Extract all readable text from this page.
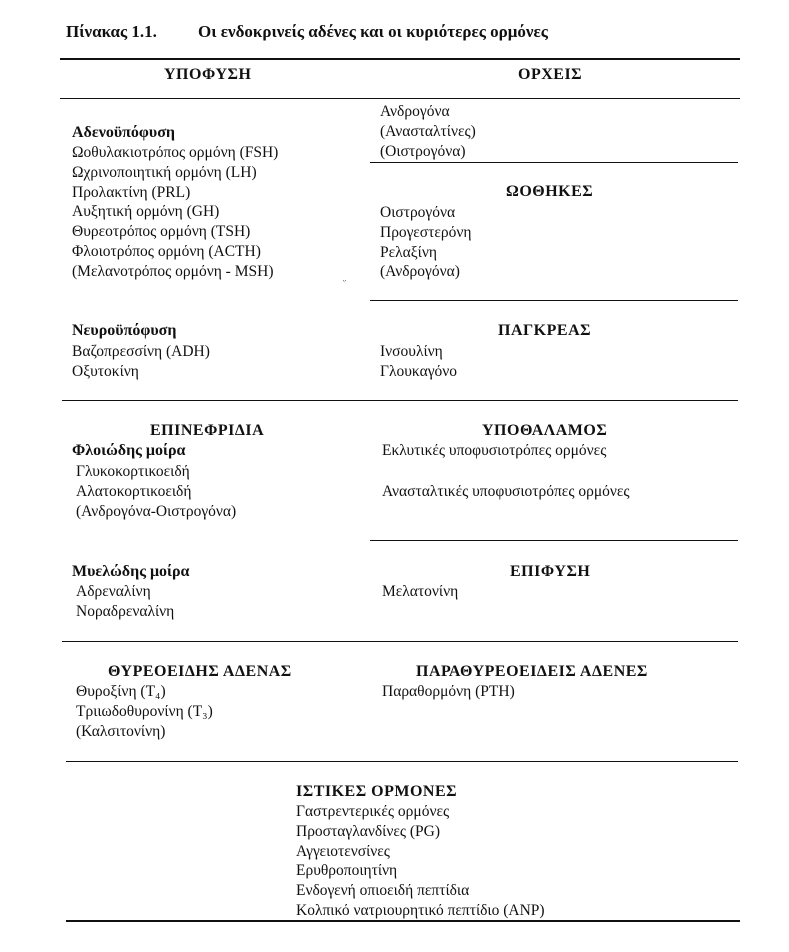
Πίνακας 1.1. Οι ενδοκρινείς αδένες και οι κυριότερες ορμόνες
ΥΠΟΦΥΣΗ
Αδενοϋπόφυση
Ωοθυλακιοτρόπος ορμόνη (FSH)
Ωχρινοποιητική ορμόνη (LH)
Προλακτίνη (PRL)
Αυξητική ορμόνη (GH)
Θυρεοτρόπος ορμόνη (TSH)
Φλοιοτρόπος ορμόνη (ACTH)
(Μελανοτρόπος ορμόνη - MSH)
ᵕ
Νευροϋπόφυση
Βαζοπρεσσίνη (ADH)
Οξυτοκίνη
ΟΡΧΕΙΣ
Ανδρογόνα
(Ανασταλτίνες)
(Οιστρογόνα)
ΩΟΘΗΚΕΣ
Οιστρογόνα
Προγεστερόνη
Ρελαξίνη
(Ανδρογόνα)
ΠΑΓΚΡΕΑΣ
Ινσουλίνη
Γλουκαγόνο
ΕΠΙΝΕΦΡΙΔΙΑ
Φλοιώδης μοίρα
Γλυκοκορτικοειδή
Αλατοκορτικοειδή
(Ανδρογόνα-Οιστρογόνα)
Μυελώδης μοίρα
Αδρεναλίνη
Νοραδρεναλίνη
ΥΠΟΘΑΛΑΜΟΣ
Εκλυτικές υποφυσιοτρόπες ορμόνες
Ανασταλτικές υποφυσιοτρόπες ορμόνες
ΕΠΙΦΥΣΗ
Μελατονίνη
ΘΥΡΕΟΕΙΔΗΣ ΑΔΕΝΑΣ
Θυροξίνη (T₄)
Τριιωδοθυρονίνη (T₃)
(Καλσιτονίνη)
ΠΑΡΑΘΥΡΕΟΕΙΔΕΙΣ ΑΔΕΝΕΣ
Παραθορμόνη (PTH)
ΙΣΤΙΚΕΣ ΟΡΜΟΝΕΣ
Γαστρεντερικές ορμόνες
Προσταγλανδίνες (PG)
Αγγειοτενσίνες
Ερυθροποιητίνη
Ενδογενή οπιοειδή πεπτίδια
Κολπικό νατριουρητικό πεπτίδιο (ANP)
